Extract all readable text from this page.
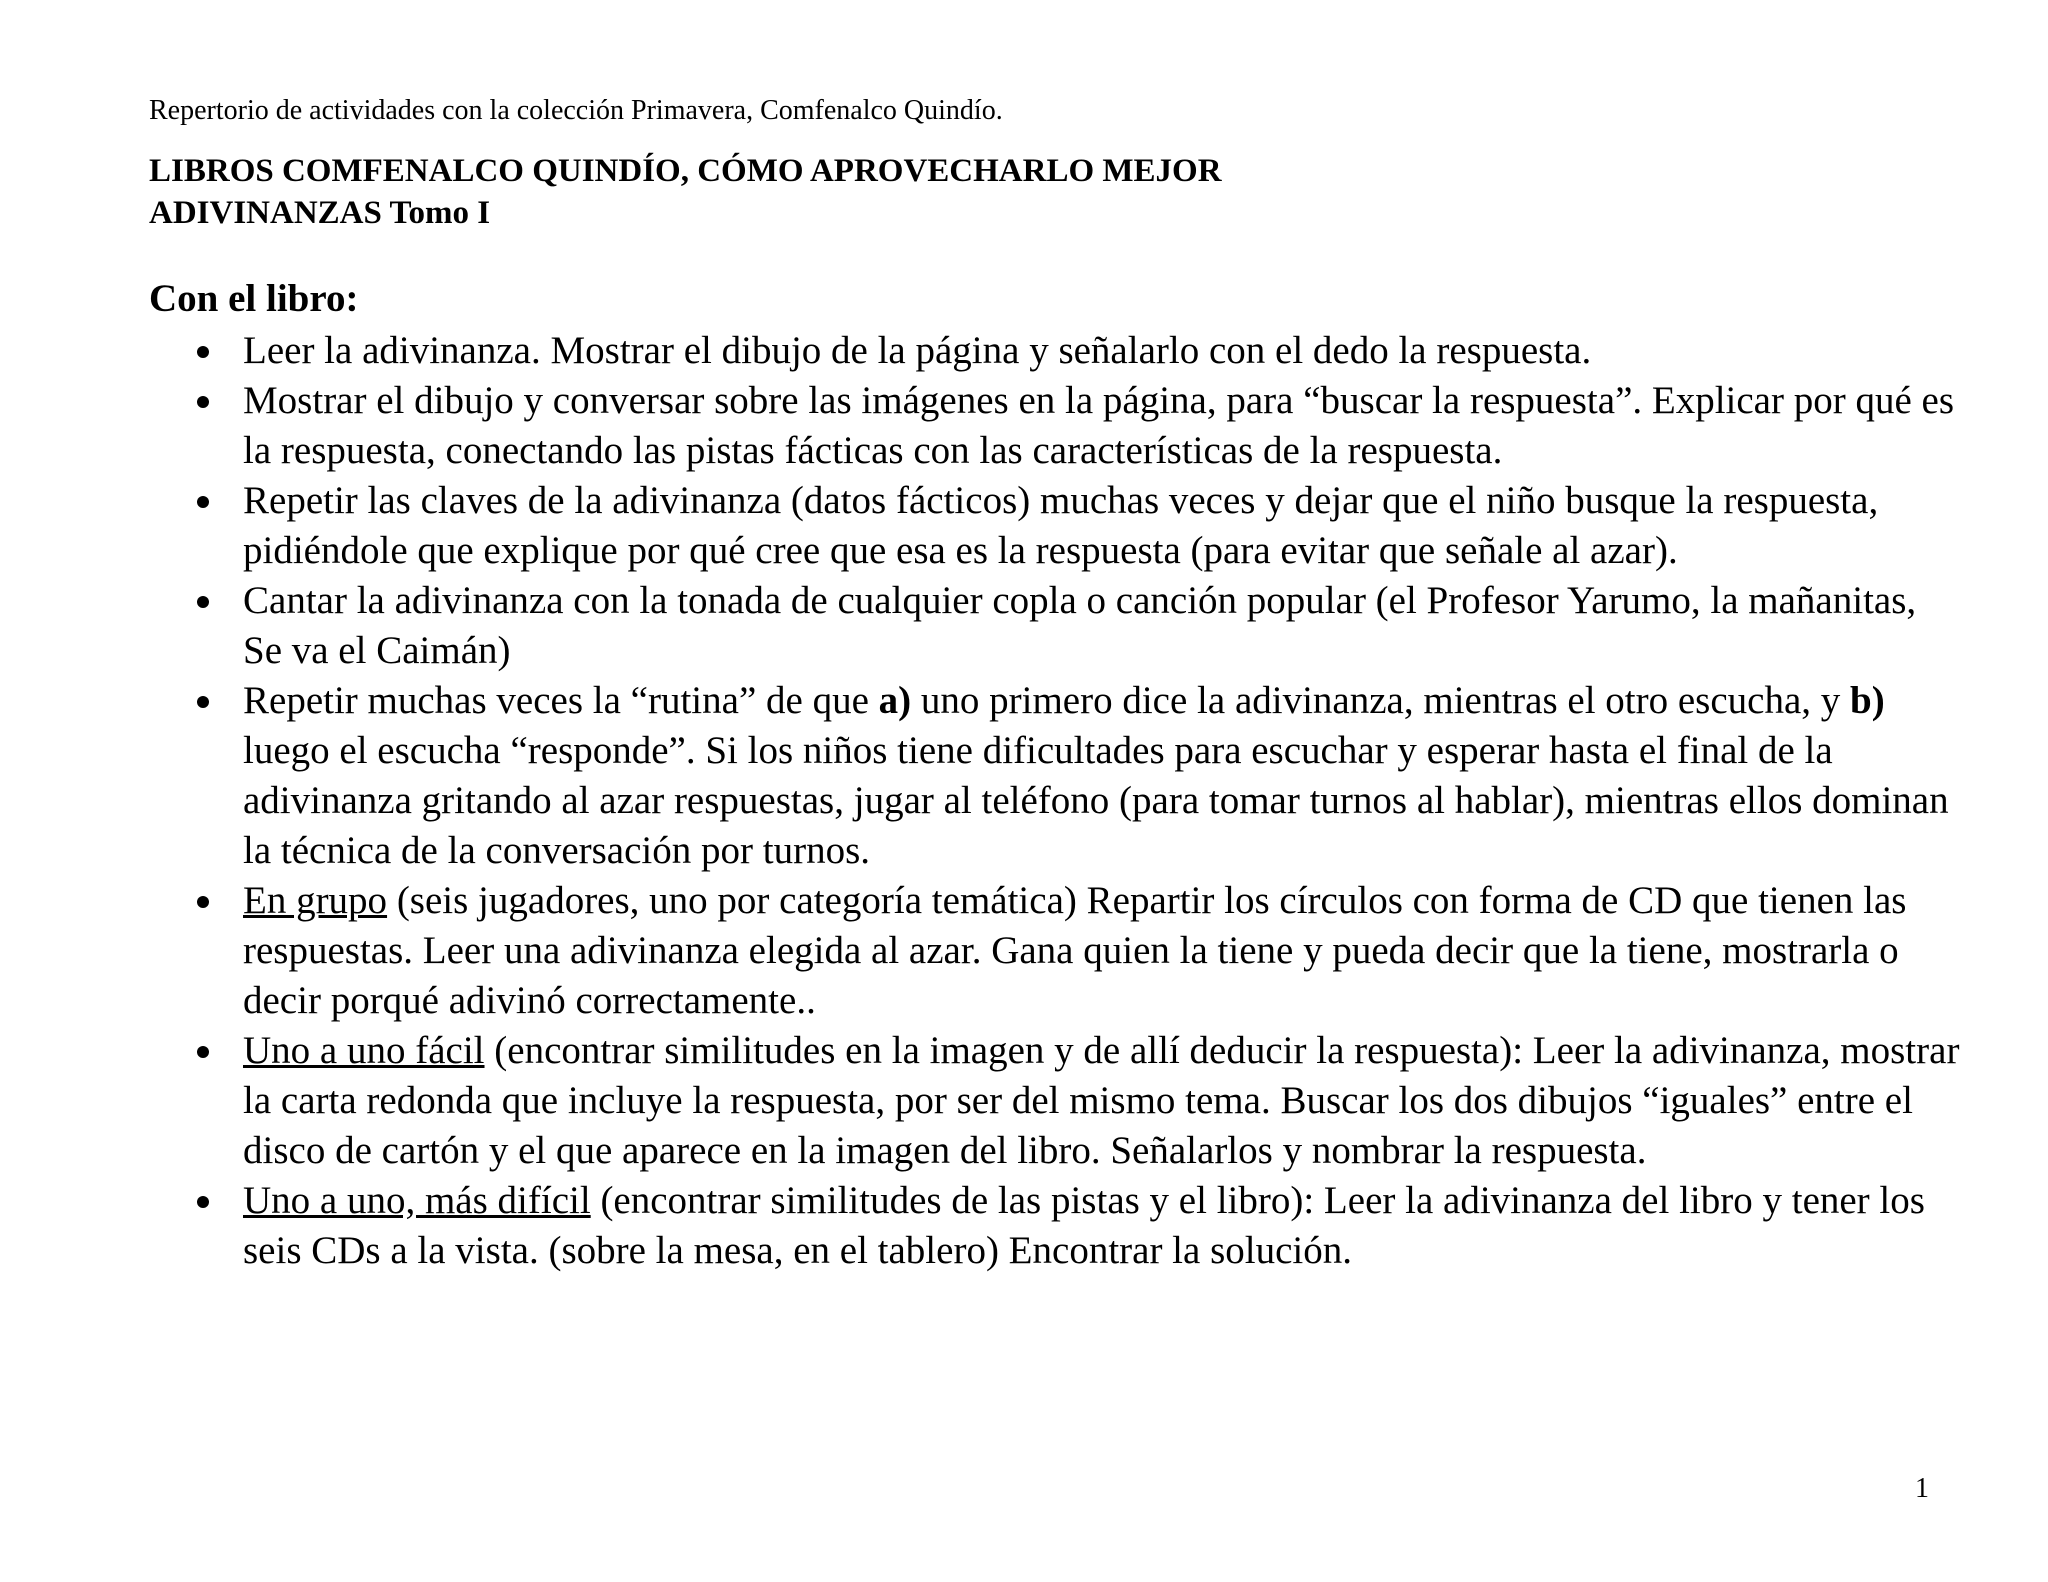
Repertorio de actividades con la colección Primavera, Comfenalco Quindío.
LIBROS COMFENALCO QUINDÍO, CÓMO APROVECHARLO MEJOR
ADIVINANZAS Tomo I
Con el libro:
Leer la adivinanza. Mostrar el dibujo de la página y señalarlo con el dedo la respuesta.
Mostrar el dibujo y conversar sobre las imágenes en la página, para “buscar la respuesta”. Explicar por qué es la respuesta, conectando las pistas fácticas con las características de la respuesta.
Repetir las claves de la adivinanza (datos fácticos) muchas veces y dejar que el niño busque la respuesta, pidiéndole que explique por qué cree que esa es la respuesta (para evitar que señale al azar).
Cantar la adivinanza con la tonada de cualquier copla o canción popular (el Profesor Yarumo, la mañanitas, Se va el Caimán)
Repetir muchas veces la “rutina” de que a) uno primero dice la adivinanza, mientras el otro escucha, y b) luego el escucha “responde”. Si los niños tiene dificultades para escuchar y esperar hasta el final de la adivinanza gritando al azar respuestas, jugar al teléfono (para tomar turnos al hablar), mientras ellos dominan la técnica de la conversación por turnos.
En grupo (seis jugadores, uno por categoría temática) Repartir los círculos con forma de CD que tienen las respuestas. Leer una adivinanza elegida al azar. Gana quien la tiene y pueda decir que la tiene, mostrarla o decir porqué adivinó correctamente..
Uno a uno fácil (encontrar similitudes en la imagen y de allí deducir la respuesta): Leer la adivinanza, mostrar la carta redonda que incluye la respuesta, por ser del mismo tema. Buscar los dos dibujos “iguales” entre el disco de cartón y el que aparece en la imagen del libro. Señalarlos y nombrar la respuesta.
Uno a uno, más difícil (encontrar similitudes de las pistas y el libro): Leer la adivinanza del libro y tener los seis CDs a la vista. (sobre la mesa, en el tablero) Encontrar la solución.
1
